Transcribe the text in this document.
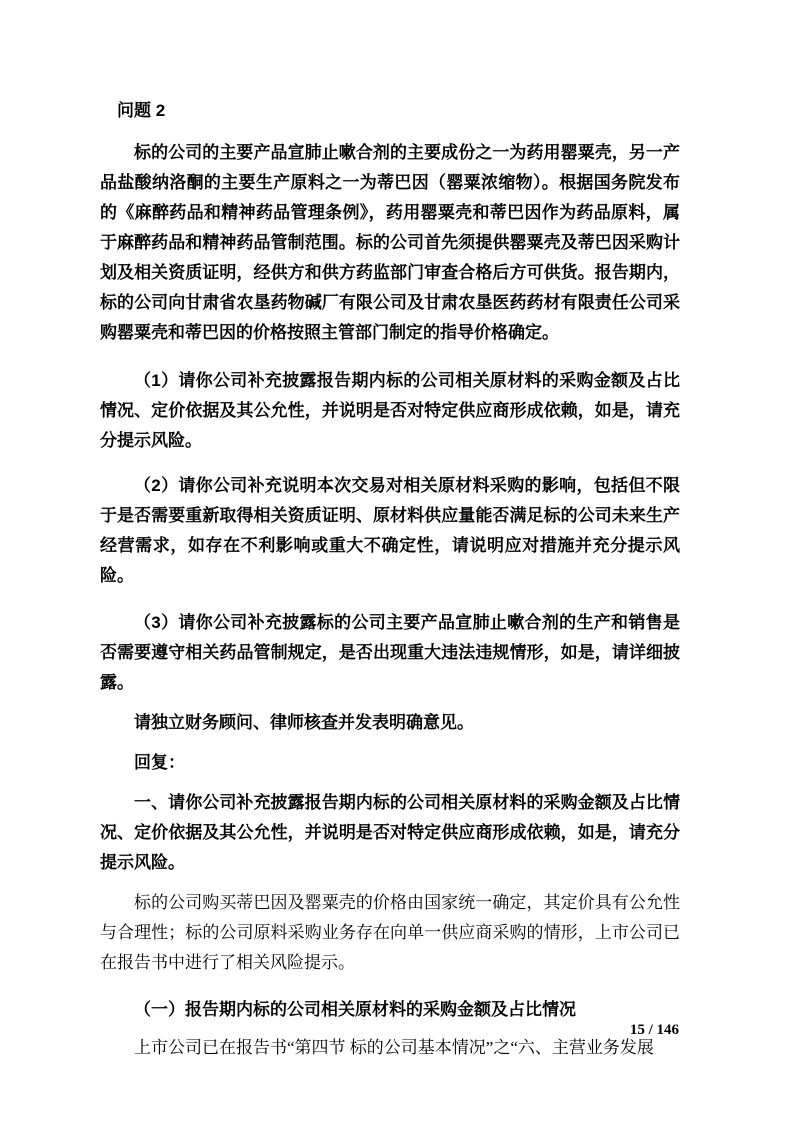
问题 2

标的公司的主要产品宣肺止嗽合剂的主要成份之一为药用罂粟壳，另一产品盐酸纳洛酮的主要生产原料之一为蒂巴因（罂粟浓缩物）。根据国务院发布的《麻醉药品和精神药品管理条例》，药用罂粟壳和蒂巴因作为药品原料，属于麻醉药品和精神药品管制范围。标的公司首先须提供罂粟壳及蒂巴因采购计划及相关资质证明，经供方和供方药监部门审查合格后方可供货。报告期内，标的公司向甘肃省农垦药物碱厂有限公司及甘肃农垦医药药材有限责任公司采购罂粟壳和蒂巴因的价格按照主管部门制定的指导价格确定。

（1）请你公司补充披露报告期内标的公司相关原材料的采购金额及占比情况、定价依据及其公允性，并说明是否对特定供应商形成依赖，如是，请充分提示风险。

（2）请你公司补充说明本次交易对相关原材料采购的影响，包括但不限于是否需要重新取得相关资质证明、原材料供应量能否满足标的公司未来生产经营需求，如存在不利影响或重大不确定性，请说明应对措施并充分提示风险。

（3）请你公司补充披露标的公司主要产品宣肺止嗽合剂的生产和销售是否需要遵守相关药品管制规定，是否出现重大违法违规情形，如是，请详细披露。

请独立财务顾问、律师核查并发表明确意见。

回复：

一、请你公司补充披露报告期内标的公司相关原材料的采购金额及占比情况、定价依据及其公允性，并说明是否对特定供应商形成依赖，如是，请充分提示风险。

标的公司购买蒂巴因及罂粟壳的价格由国家统一确定，其定价具有公允性与合理性；标的公司原料采购业务存在向单一供应商采购的情形，上市公司已在报告书中进行了相关风险提示。

（一）报告期内标的公司相关原材料的采购金额及占比情况

上市公司已在报告书“第四节 标的公司基本情况”之“六、主营业务发展

15 / 146
